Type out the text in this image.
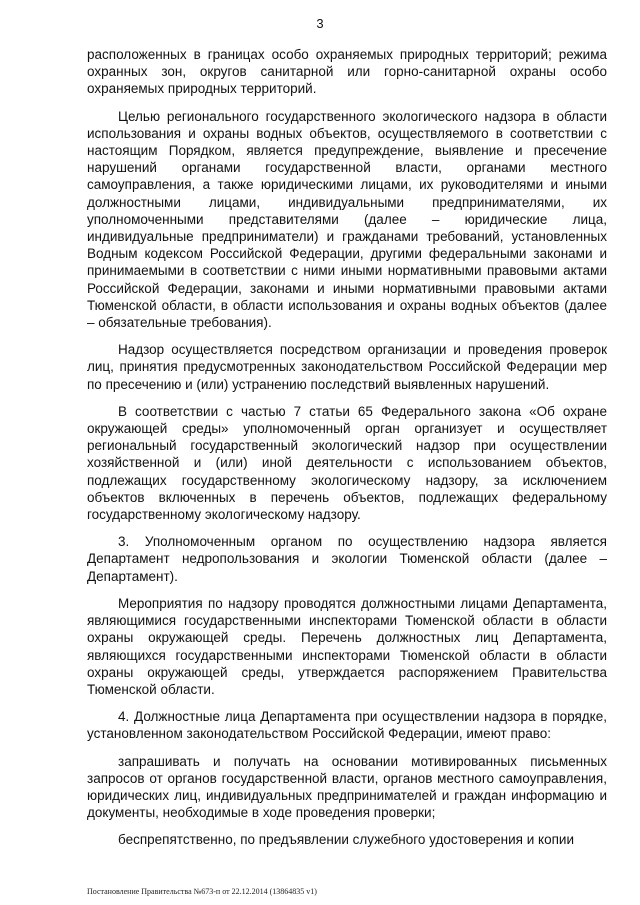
3

расположенных в границах особо охраняемых природных территорий; режима охранных зон, округов санитарной или горно-санитарной охраны особо охраняемых природных территорий.

Целью регионального государственного экологического надзора в области использования и охраны водных объектов, осуществляемого в соответствии с настоящим Порядком, является предупреждение, выявление и пресечение нарушений органами государственной власти, органами местного самоуправления, а также юридическими лицами, их руководителями и иными должностными лицами, индивидуальными предпринимателями, их уполномоченными представителями (далее – юридические лица, индивидуальные предприниматели) и гражданами требований, установленных Водным кодексом Российской Федерации, другими федеральными законами и принимаемыми в соответствии с ними иными нормативными правовыми актами Российской Федерации, законами и иными нормативными правовыми актами Тюменской области, в области использования и охраны водных объектов (далее – обязательные требования).

Надзор осуществляется посредством организации и проведения проверок лиц, принятия предусмотренных законодательством Российской Федерации мер по пресечению и (или) устранению последствий выявленных нарушений.

В соответствии с частью 7 статьи 65 Федерального закона «Об охране окружающей среды» уполномоченный орган организует и осуществляет региональный государственный экологический надзор при осуществлении хозяйственной и (или) иной деятельности с использованием объектов, подлежащих государственному экологическому надзору, за исключением объектов включенных в перечень объектов, подлежащих федеральному государственному экологическому надзору.

3. Уполномоченным органом по осуществлению надзора является Департамент недропользования и экологии Тюменской области (далее – Департамент).

Мероприятия по надзору проводятся должностными лицами Департамента, являющимися государственными инспекторами Тюменской области в области охраны окружающей среды. Перечень должностных лиц Департамента, являющихся государственными инспекторами Тюменской области в области охраны окружающей среды, утверждается распоряжением Правительства Тюменской области.

4. Должностные лица Департамента при осуществлении надзора в порядке, установленном законодательством Российской Федерации, имеют право:

запрашивать и получать на основании мотивированных письменных запросов от органов государственной власти, органов местного самоуправления, юридических лиц, индивидуальных предпринимателей и граждан информацию и документы, необходимые в ходе проведения проверки;

беспрепятственно, по предъявлении служебного удостоверения и копии

Постановление Правительства №673-п от 22.12.2014 (13864835 v1)
